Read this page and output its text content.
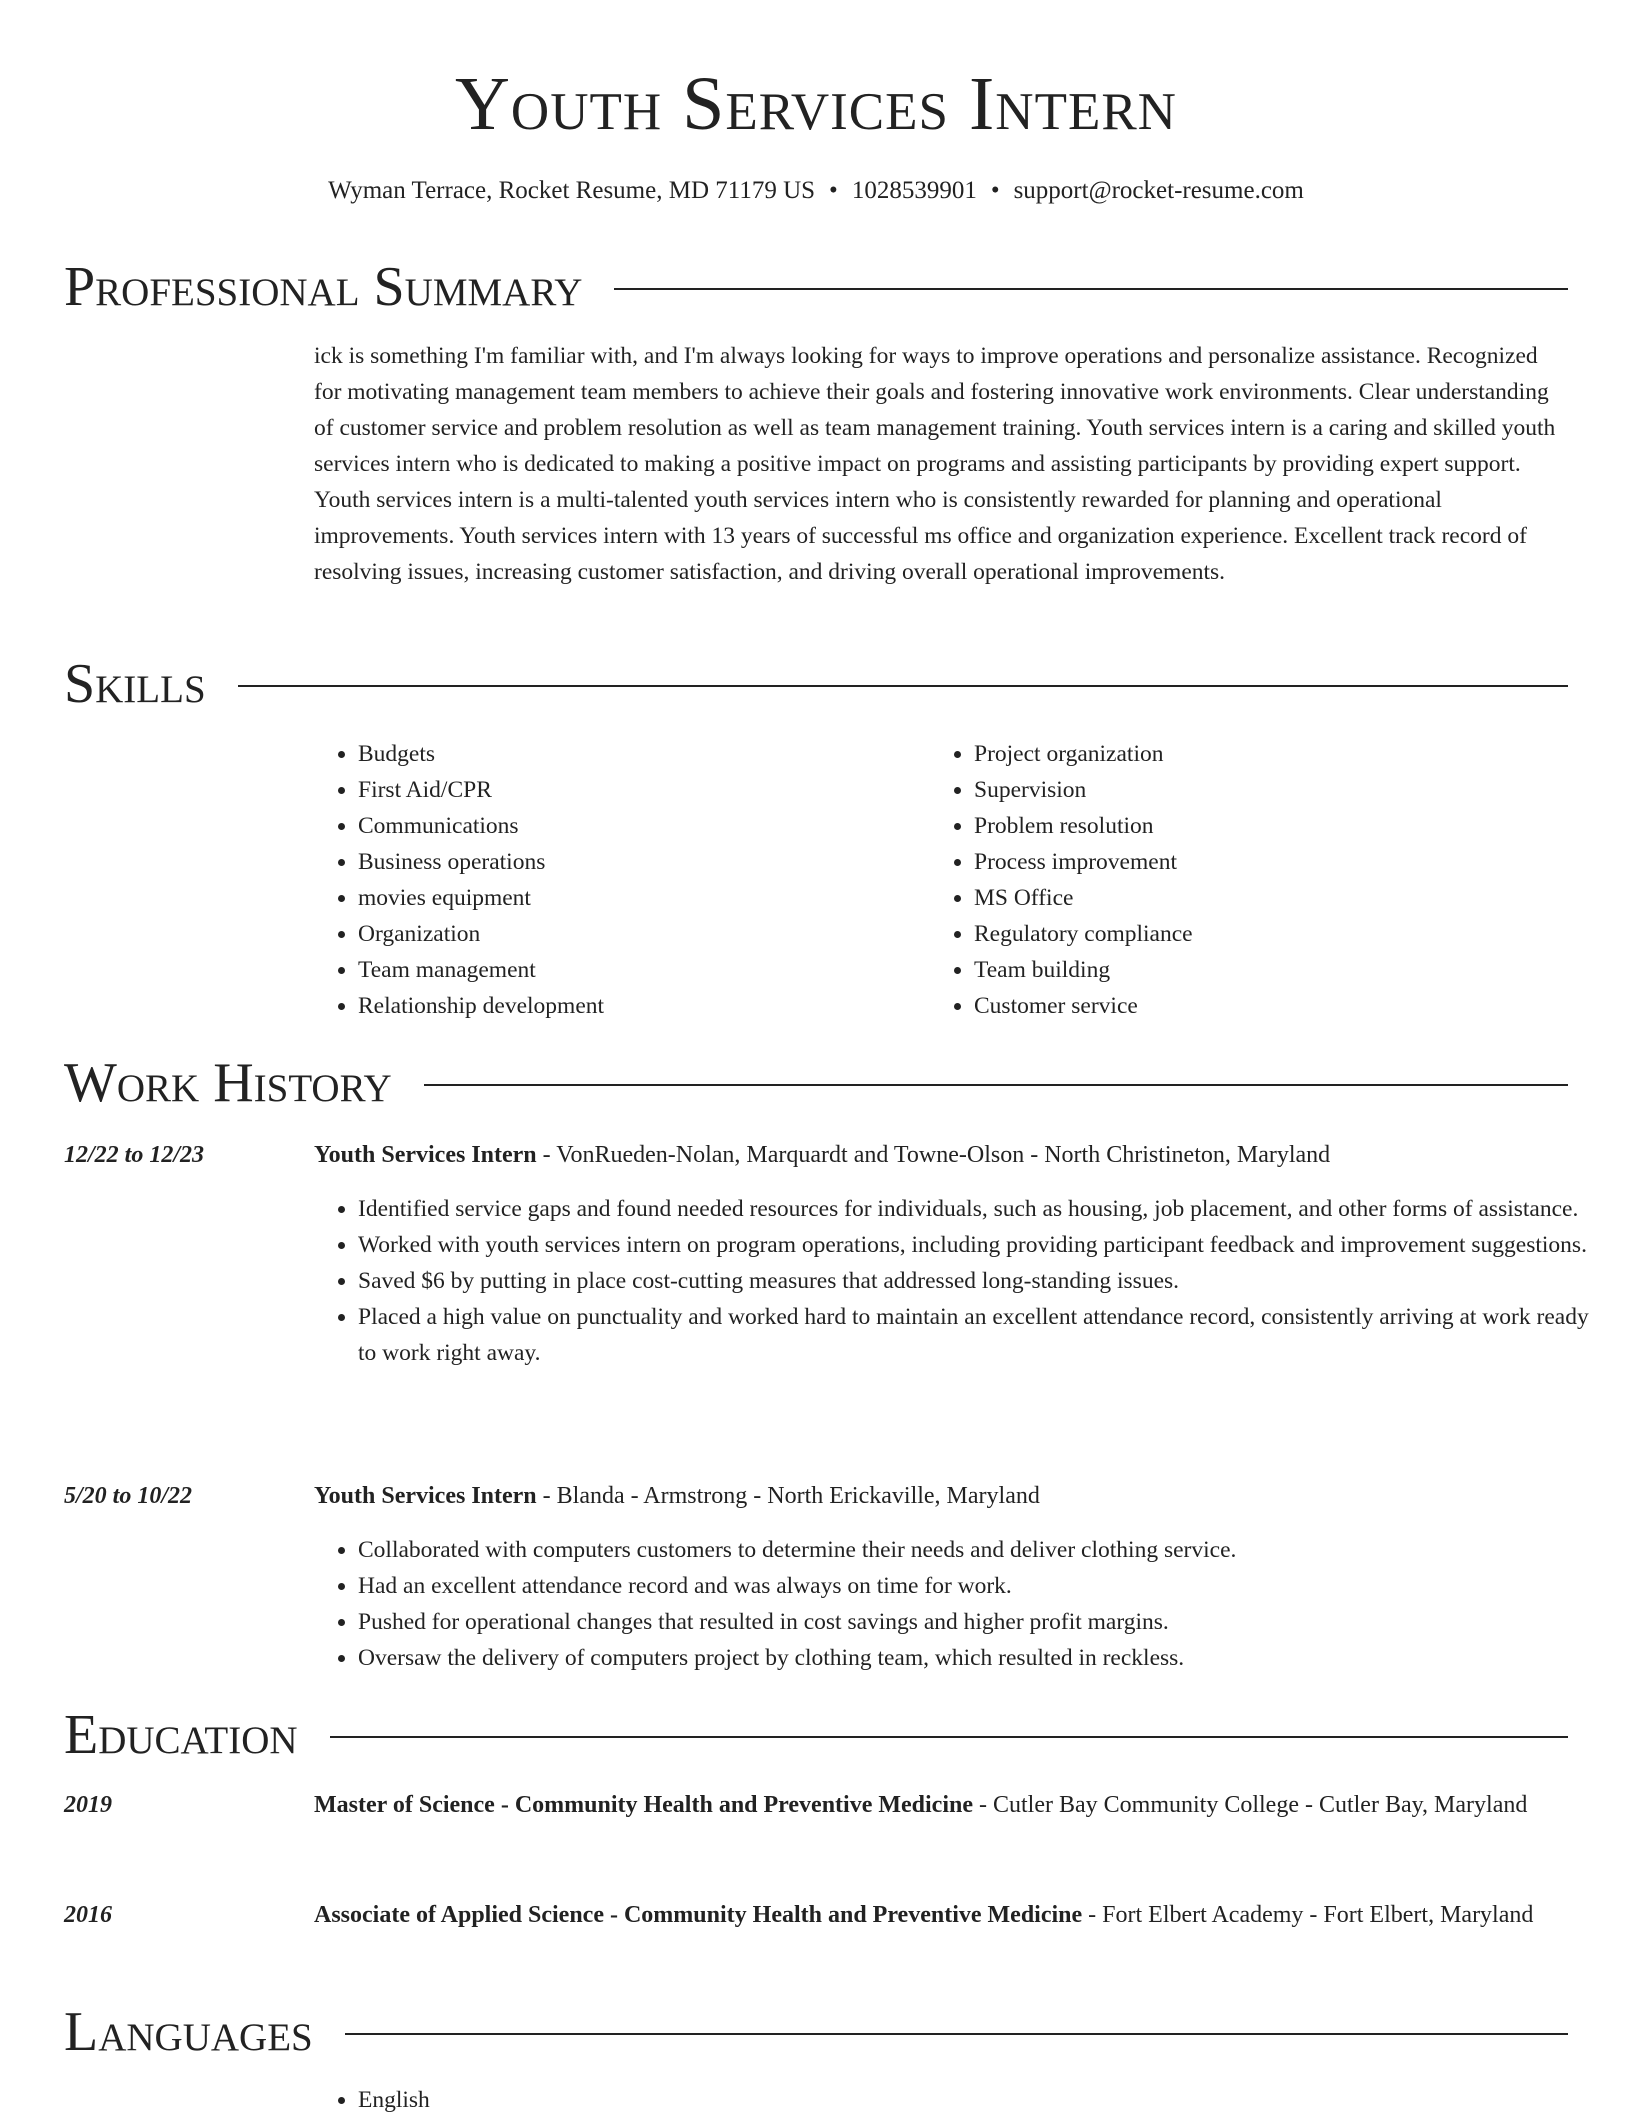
Youth Services Intern
Wyman Terrace, Rocket Resume, MD 71179 US • 1028539901 • support@rocket-resume.com
Professional Summary

ick is something I'm familiar with, and I'm always looking for ways to improve operations and personalize assistance. Recognized for motivating management team members to achieve their goals and fostering innovative work environments. Clear understanding of customer service and problem resolution as well as team management training. Youth services intern is a caring and skilled youth services intern who is dedicated to making a positive impact on programs and assisting participants by providing expert support. Youth services intern is a multi-talented youth services intern who is consistently rewarded for planning and operational improvements. Youth services intern with 13 years of successful ms office and organization experience. Excellent track record of resolving issues, increasing customer satisfaction, and driving overall operational improvements.

Skills
• Budgets
• First Aid/CPR
• Communications
• Business operations
• movies equipment
• Organization
• Team management
• Relationship development
• Project organization
• Supervision
• Problem resolution
• Process improvement
• MS Office
• Regulatory compliance
• Team building
• Customer service
Work History
12/22 to 12/23	Youth Services Intern - VonRueden-Nolan, Marquardt and Towne-Olson - North Christineton, Maryland
• Identified service gaps and found needed resources for individuals, such as housing, job placement, and other forms of assistance.
• Worked with youth services intern on program operations, including providing participant feedback and improvement suggestions.
• Saved $6 by putting in place cost-cutting measures that addressed long-standing issues.
• Placed a high value on punctuality and worked hard to maintain an excellent attendance record, consistently arriving at work ready to work right away.
5/20 to 10/22	Youth Services Intern - Blanda - Armstrong - North Erickaville, Maryland
• Collaborated with computers customers to determine their needs and deliver clothing service.
• Had an excellent attendance record and was always on time for work.
• Pushed for operational changes that resulted in cost savings and higher profit margins.
• Oversaw the delivery of computers project by clothing team, which resulted in reckless.
Education
2019	Master of Science - Community Health and Preventive Medicine - Cutler Bay Community College - Cutler Bay, Maryland
2016	Associate of Applied Science - Community Health and Preventive Medicine - Fort Elbert Academy - Fort Elbert, Maryland
Languages
• English
